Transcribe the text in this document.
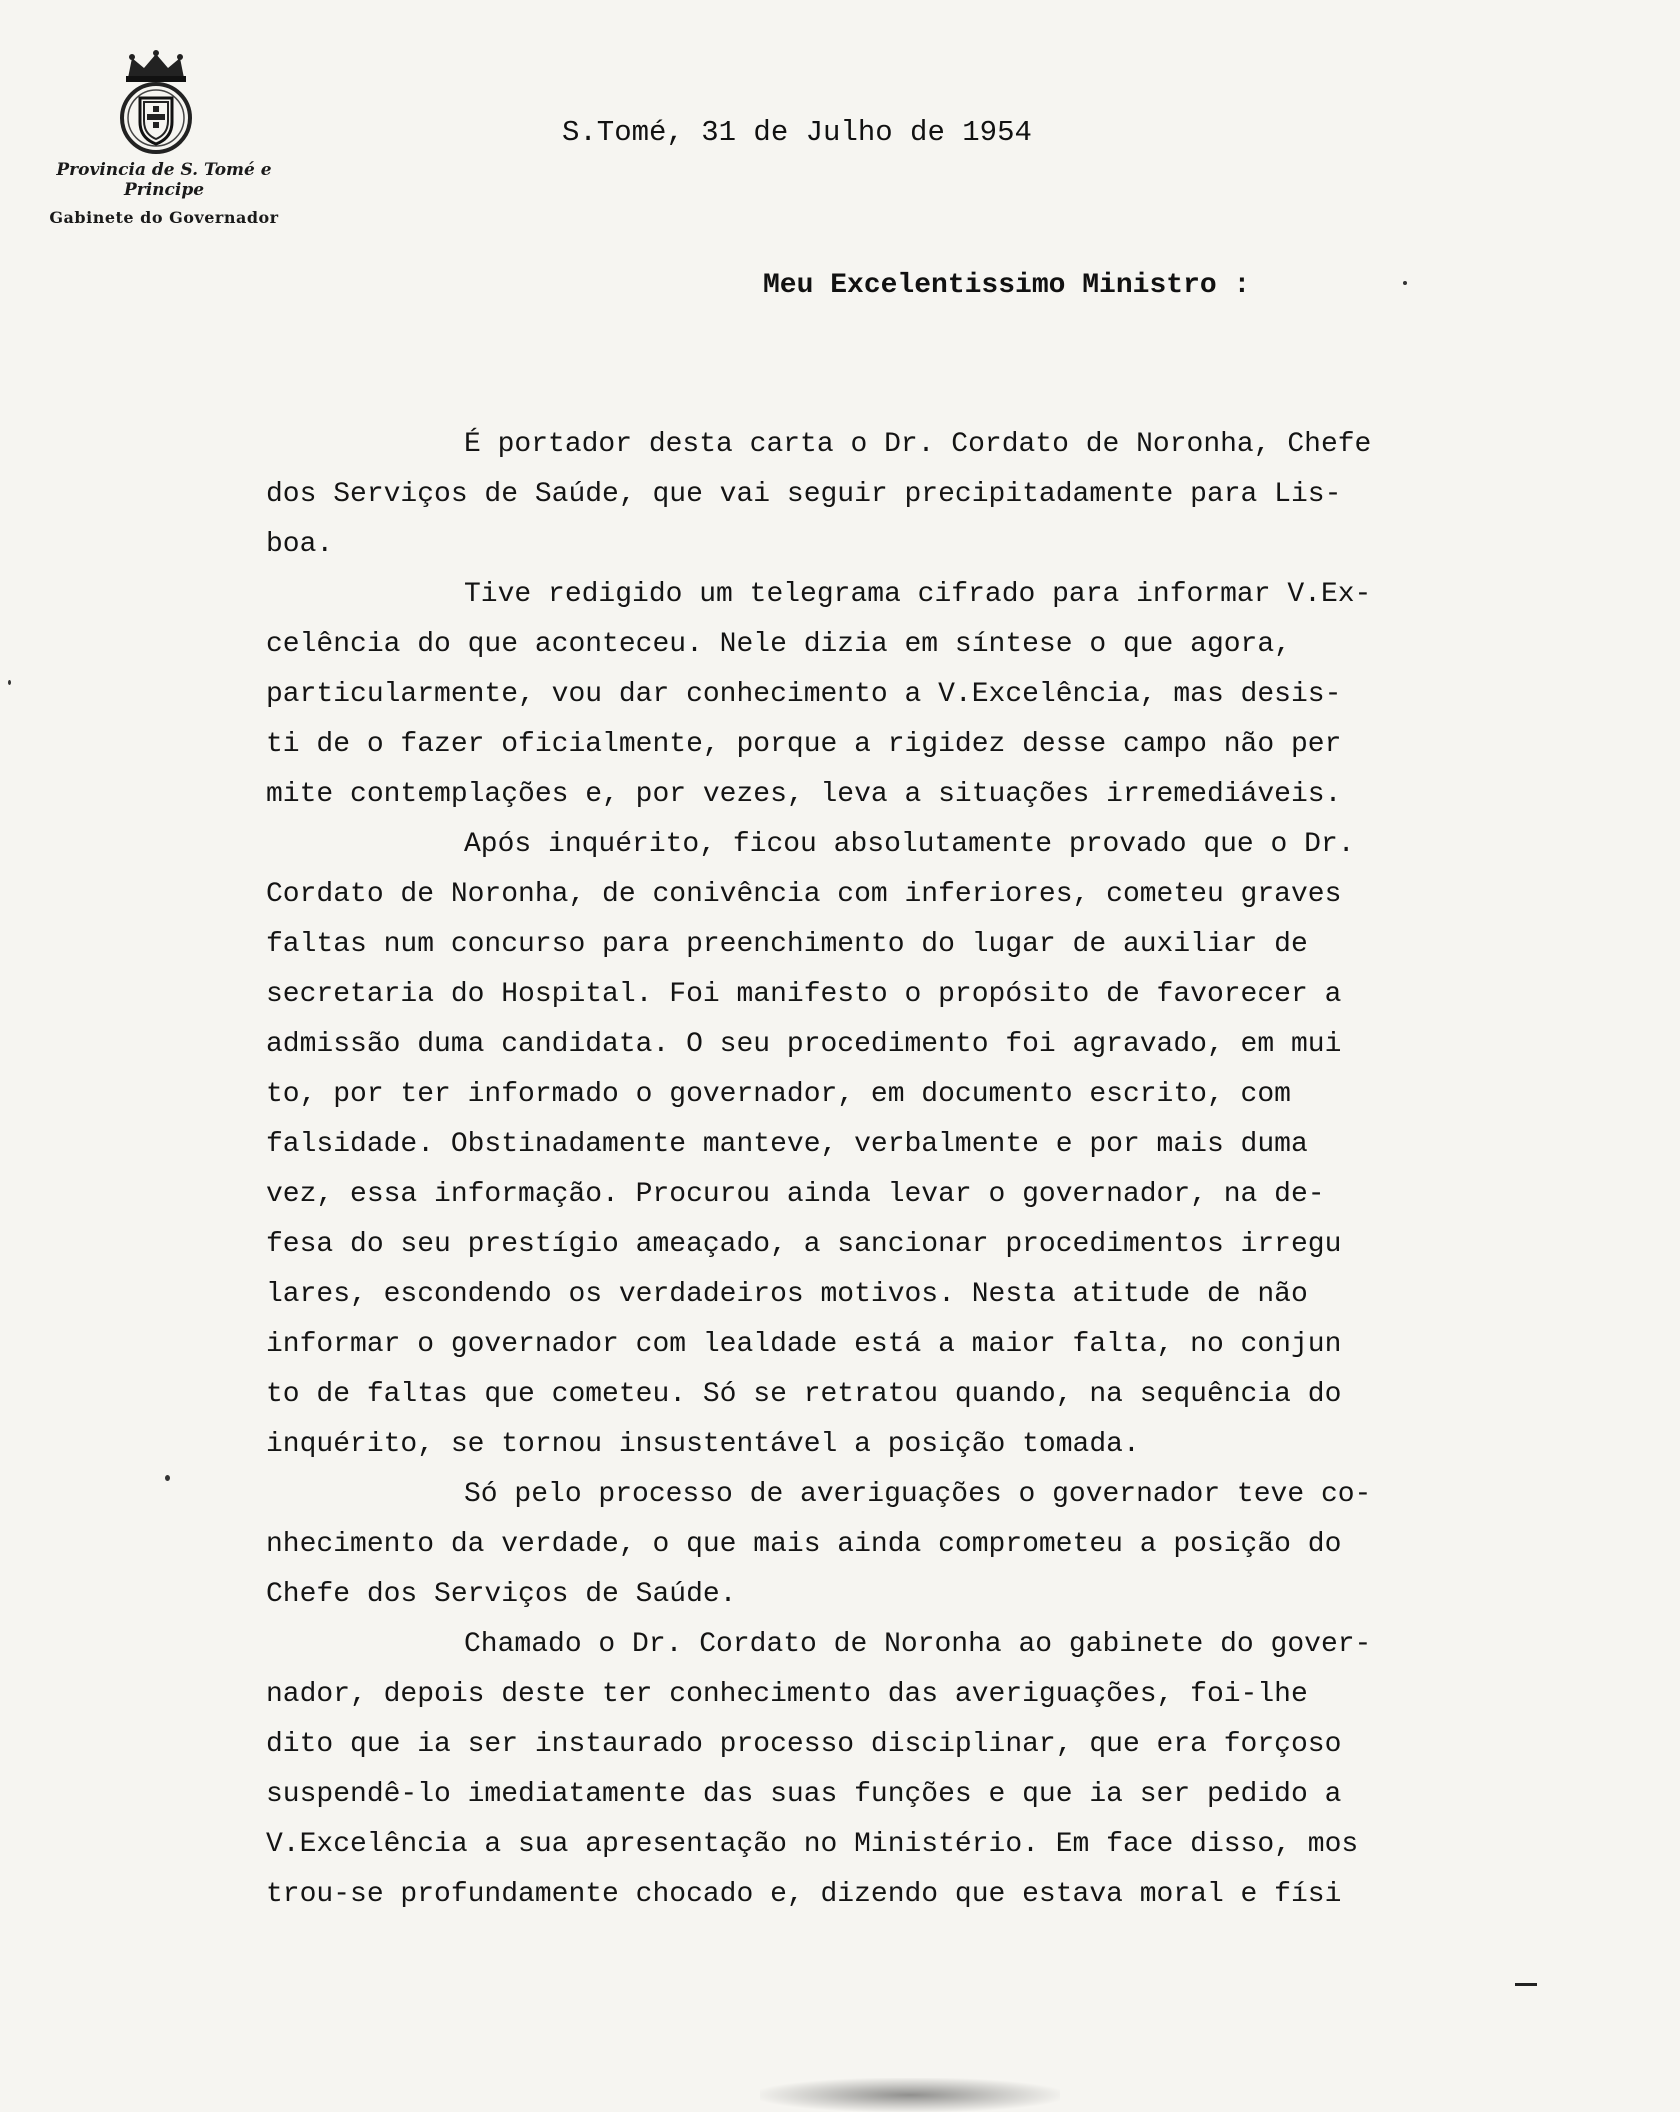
Provincia de S. Tomé e Principe
Gabinete do Governador
S.Tomé, 31 de Julho de 1954
Meu Excelentissimo Ministro :
É portador desta carta o Dr. Cordato de Noronha, Chefe
dos Serviços de Saúde, que vai seguir precipitadamente para Lis-
boa.
Tive redigido um telegrama cifrado para informar V.Ex-
celência do que aconteceu. Nele dizia em síntese o que agora,
particularmente, vou dar conhecimento a V.Excelência, mas desis-
ti de o fazer oficialmente, porque a rigidez desse campo não per
mite contemplações e, por vezes, leva a situações irremediáveis.
Após inquérito, ficou absolutamente provado que o Dr.
Cordato de Noronha, de conivência com inferiores, cometeu graves
faltas num concurso para preenchimento do lugar de auxiliar de
secretaria do Hospital. Foi manifesto o propósito de favorecer a
admissão duma candidata. O seu procedimento foi agravado, em mui
to, por ter informado o governador, em documento escrito, com
falsidade. Obstinadamente manteve, verbalmente e por mais duma
vez, essa informação. Procurou ainda levar o governador, na de-
fesa do seu prestígio ameaçado, a sancionar procedimentos irregu
lares, escondendo os verdadeiros motivos. Nesta atitude de não
informar o governador com lealdade está a maior falta, no conjun
to de faltas que cometeu. Só se retratou quando, na sequência do
inquérito, se tornou insustentável a posição tomada.
Só pelo processo de averiguações o governador teve co-
nhecimento da verdade, o que mais ainda comprometeu a posição do
Chefe dos Serviços de Saúde.
Chamado o Dr. Cordato de Noronha ao gabinete do gover-
nador, depois deste ter conhecimento das averiguações, foi-lhe
dito que ia ser instaurado processo disciplinar, que era forçoso
suspendê-lo imediatamente das suas funções e que ia ser pedido a
V.Excelência a sua apresentação no Ministério. Em face disso, mos
trou-se profundamente chocado e, dizendo que estava moral e físi
